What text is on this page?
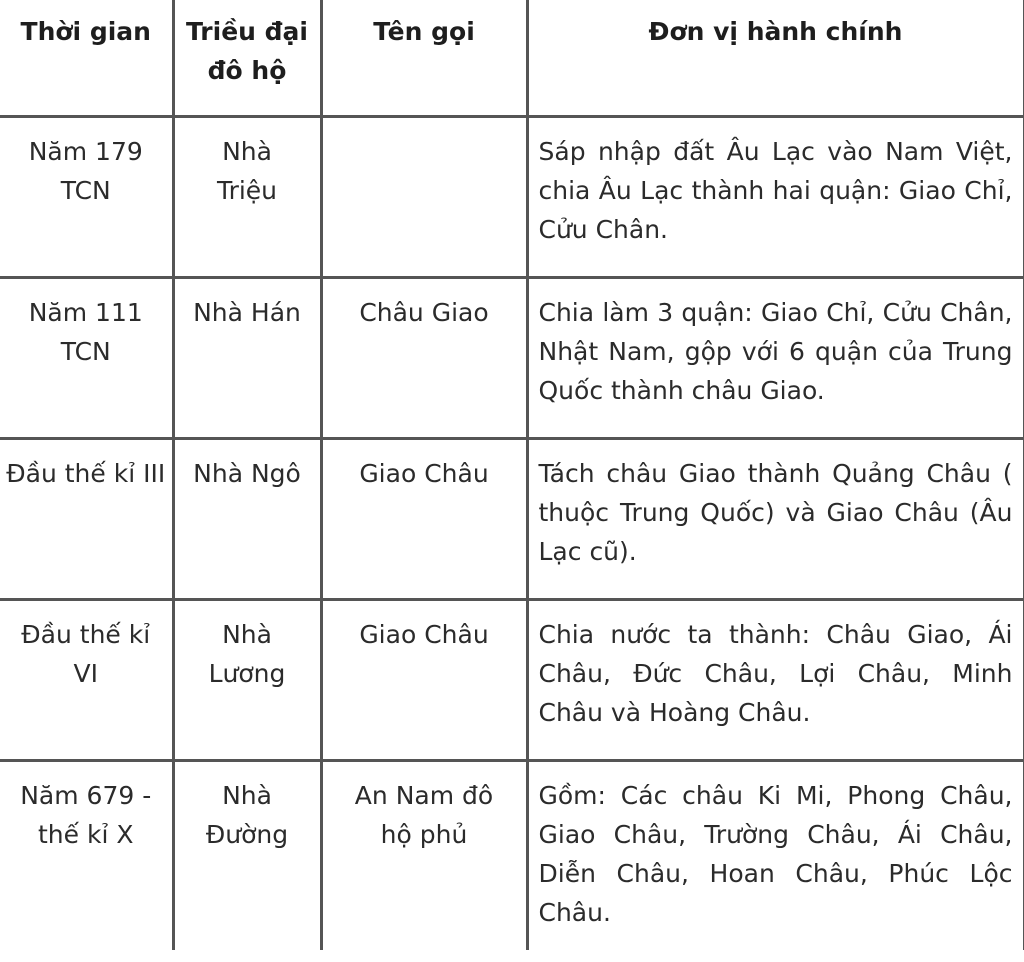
Thời gian	Triều đại đô hộ	Tên gọi	Đơn vị hành chính
Năm 179 TCN	Nhà Triệu		Sáp nhập đất Âu Lạc vào Nam Việt, chia Âu Lạc thành hai quận: Giao Chỉ, Cửu Chân.
Năm 111 TCN	Nhà Hán	Châu Giao	Chia làm 3 quận: Giao Chỉ, Cửu Chân, Nhật Nam, gộp với 6 quận của Trung Quốc thành châu Giao.
Đầu thế kỉ III	Nhà Ngô	Giao Châu	Tách châu Giao thành Quảng Châu ( thuộc Trung Quốc) và Giao Châu (Âu Lạc cũ).
Đầu thế kỉ VI	Nhà Lương	Giao Châu	Chia nước ta thành: Châu Giao, Ái Châu, Đức Châu, Lợi Châu, Minh Châu và Hoàng Châu.
Năm 679 - thế kỉ X	Nhà Đường	An Nam đô hộ phủ	Gồm: Các châu Ki Mi, Phong Châu, Giao Châu, Trường Châu, Ái Châu, Diễn Châu, Hoan Châu, Phúc Lộc Châu.
